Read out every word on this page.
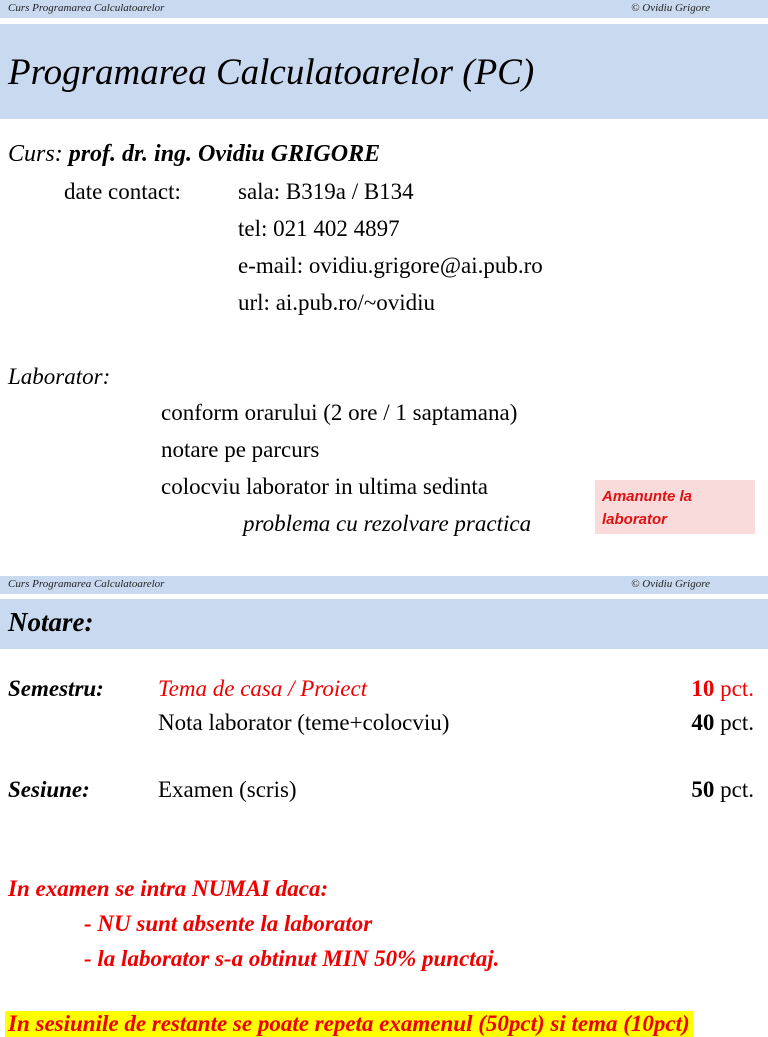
Curs Programarea Calculatoarelor	© Ovidiu Grigore
Programarea Calculatoarelor (PC)
Curs: prof. dr. ing. Ovidiu GRIGORE
date contact: sala: B319a / B134
tel: 021 402 4897
e-mail: ovidiu.grigore@ai.pub.ro
url: ai.pub.ro/~ovidiu
Laborator:
conform orarului (2 ore / 1 saptamana)
notare pe parcurs
colocviu laborator in ultima sedinta
problema cu rezolvare practica
Amanunte la
laborator
Curs Programarea Calculatoarelor	© Ovidiu Grigore
Notare:
Semestru: Tema de casa / Proiect	10 pct.
Nota laborator (teme+colocviu)	40 pct.
Sesiune:	Examen (scris)	50 pct.
In examen se intra NUMAI daca:
- NU sunt absente la laborator
- la laborator s-a obtinut MIN 50% punctaj.
In sesiunile de restante se poate repeta examenul (50pct) si tema (10pct)
